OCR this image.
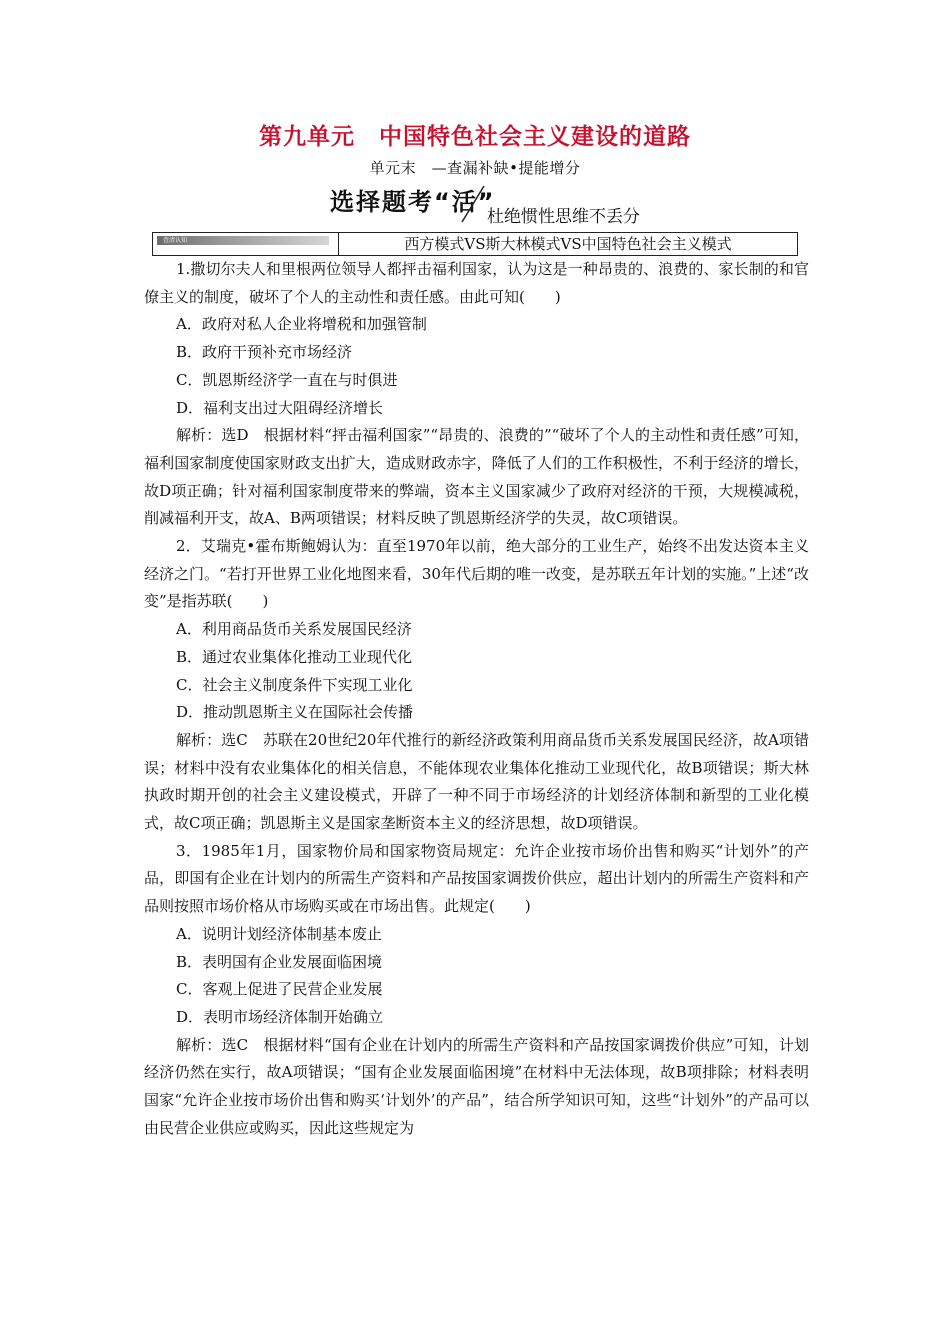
第九单元　中国特色社会主义建设的道路
单元末　—查漏补缺•提能增分
选择题考“活”
杜绝惯性思维不丢分
查清认知	西方模式VS斯大林模式VS中国特色社会主义模式

1.撒切尔夫人和里根两位领导人都抨击福利国家，认为这是一种昂贵的、浪费的、家长制的和官僚主义的制度，破坏了个人的主动性和责任感。由此可知(　　)

A．政府对私人企业将增税和加强管制

B．政府干预补充市场经济

C．凯恩斯经济学一直在与时俱进

D．福利支出过大阻碍经济增长

解析：选D　根据材料“抨击福利国家”“昂贵的、浪费的”“破坏了个人的主动性和责任感”可知，福利国家制度使国家财政支出扩大，造成财政赤字，降低了人们的工作积极性，不利于经济的增长，故D项正确；针对福利国家制度带来的弊端，资本主义国家减少了政府对经济的干预，大规模减税，削减福利开支，故A、B两项错误；材料反映了凯恩斯经济学的失灵，故C项错误。

2．艾瑞克•霍布斯鲍姆认为：直至1970年以前，绝大部分的工业生产，始终不出发达资本主义经济之门。“若打开世界工业化地图来看，30年代后期的唯一改变，是苏联五年计划的实施。”上述“改变”是指苏联(　　)

A．利用商品货币关系发展国民经济

B．通过农业集体化推动工业现代化

C．社会主义制度条件下实现工业化

D．推动凯恩斯主义在国际社会传播

解析：选C　苏联在20世纪20年代推行的新经济政策利用商品货币关系发展国民经济，故A项错误；材料中没有农业集体化的相关信息，不能体现农业集体化推动工业现代化，故B项错误；斯大林执政时期开创的社会主义建设模式，开辟了一种不同于市场经济的计划经济体制和新型的工业化模式，故C项正确；凯恩斯主义是国家垄断资本主义的经济思想，故D项错误。

3．1985年1月，国家物价局和国家物资局规定：允许企业按市场价出售和购买“计划外”的产品，即国有企业在计划内的所需生产资料和产品按国家调拨价供应，超出计划内的所需生产资料和产品则按照市场价格从市场购买或在市场出售。此规定(　　)

A．说明计划经济体制基本废止

B．表明国有企业发展面临困境

C．客观上促进了民营企业发展

D．表明市场经济体制开始确立

解析：选C　根据材料“国有企业在计划内的所需生产资料和产品按国家调拨价供应”可知，计划经济仍然在实行，故A项错误；“国有企业发展面临困境”在材料中无法体现，故B项排除；材料表明国家“允许企业按市场价出售和购买‘计划外’的产品”，结合所学知识可知，这些“计划外”的产品可以由民营企业供应或购买，因此这些规定为
